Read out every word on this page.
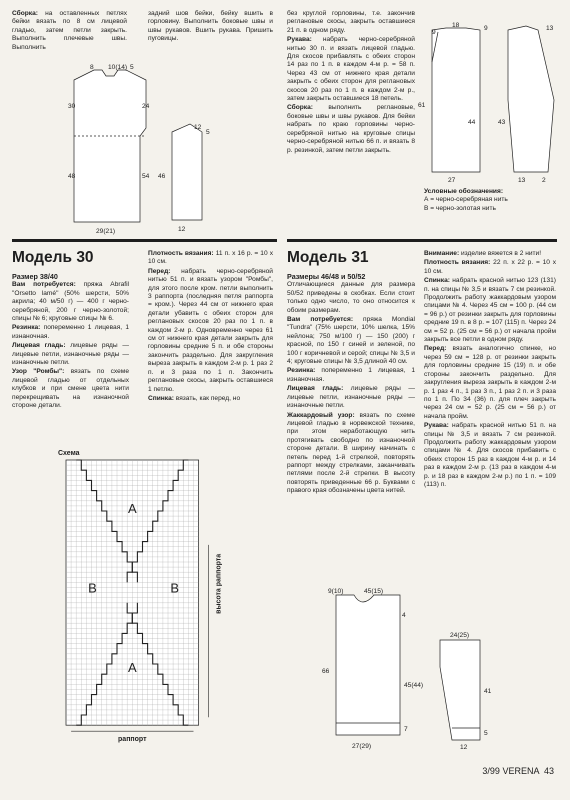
Сборка: на оставленных петлях бейки вязать по 8 см лицевой гладью, затем петли закрыть. Выполнить плечевые швы. Выполнить

8 10(14) 5
30	24
48	54
29(21)

задний шов бейки, бейку вшить в горловину. Выполнить боковые швы и швы рукавов. Вшить рукава. Пришить пуговицы.

46
12
12
5

без круглой горловины, т.е. закончив реглановые скосы, закрыть оставшиеся 21 п. в одном ряду.

Рукава: набрать черно-серебряной нитью 30 п. и вязать лицевой гладью. Для скосов прибавлять с обеих сторон 14 раз по 1 п. в каждом 4-м р. = 58 п. Через 43 см от нижнего края детали закрыть с обеих сторон для реглановых скосов 20 раз по 1 п. в каждом 2-м р., затем закрыть оставшиеся 18 петель.

Сборка: выполнить реглановые, боковые швы и швы рукавов. Для бейки набрать по краю горловины черно-серебряной нитью на круговые спицы черно-серебряной нитью 66 п. и вязать 8 р. резинкой, затем петли закрыть.

9
18	9
61
44	43
27	13	2
13
Условные обозначения:
А = черно-серебряная нить
В = черно-золотая нить
Модель 30
Размер 38/40

Вам потребуется: пряжа Abrafil "Orsetto lamé" (50% шерсти, 50% акрила; 40 м/50 г) — 400 г черно-серебряной, 200 г черно-золотой; спицы № 6; круговые спицы № 6.

Резинка: попеременно 1 лицевая, 1 изнаночная.

Лицевая гладь: лицевые ряды — лицевые петли, изнаночные ряды — изнаночные петли.

Узор "Ромбы": вязать по схеме лицевой гладью от отдельных клубков и при смене цвета нити перекрещивать на изнаночной стороне детали.

Плотность вязания: 11 п. х 16 р. = 10 х 10 см.

Перед: набрать черно-серебряной нитью 51 п. и вязать узором "Ромбы", для этого после кром. петли выполнить 3 раппорта (последняя петля раппорта = кром.). Через 44 см от нижнего края детали убавить с обеих сторон для реглановых скосов 20 раз по 1 п. в каждом 2-м р. Одновременно через 61 см от нижнего края детали закрыть для горловины средние 5 п. и обе стороны закончить раздельно. Для закругления выреза закрыть в каждом 2-м р. 1 раз 2 п. и 3 раза по 1 п. Закончить реглановые скосы, закрыть оставшиеся 1 петлю.

Спинка: вязать, как перед, но

Схема
A
B	B
A
высота раппорта
раппорт
Модель 31
Размеры 46/48 и 50/52

Отличающиеся данные для размера 50/52 приведены в скобках. Если стоит только одно число, то оно относится к обоим размерам.

Вам потребуется: пряжа Mondial "Tundra" (75% шерсти, 10% шелка, 15% нейлона; 750 м/100 г) — 150 (200) г красной, по 150 г синей и зеленой, по 100 г коричневой и серой; спицы № 3,5 и 4; круговые спицы № 3,5 длиной 40 см.

Резинка: попеременно 1 лицевая, 1 изнаночная.

Лицевая гладь: лицевые ряды — лицевые петли, изнаночные ряды — изнаночные петли.

Жаккардовый узор: вязать по схеме лицевой гладью в норвежской технике, при этом неработающую нить протягивать свободно по изнаночной стороне детали. В ширину начинать с петель перед 1-й стрелкой, повторять раппорт между стрелками, заканчивать петлями после 2-й стрелки. В высоту повторять приведенные 66 р. Буквами с правого края обозначены цвета нитей.

Внимание: изделие вяжется в 2 нити!

Плотность вязания: 22 п. х 22 р. = 10 х 10 см.

Спинка: набрать красной нитью 123 (131) п. на спицы № 3,5 и вязать 7 см резинкой. Продолжить работу жаккардовым узором спицами № 4. Через 45 см = 100 р. (44 см = 96 р.) от резинки закрыть для горловины средние 19 п. в 8 р. = 107 (115) п. Через 24 см = 52 р. (25 см = 56 р.) от начала пройм закрыть все петли в одном ряду.

Перед: вязать аналогично спинке, но через 59 см = 128 р. от резинки закрыть для горловины средние 15 (19) п. и обе стороны закончить раздельно. Для закругления выреза закрыть в каждом 2-м р. 1 раз 4 п., 1 раз 3 п., 1 раз 2 п. и 3 раза по 1 п. По 34 (36) п. для плеч закрыть через 24 см = 52 р. (25 см = 56 р.) от начала пройм.

Рукава: набрать красной нитью 51 п. на спицы № 3,5 и вязать 7 см резинкой. Продолжить работу жаккардовым узором спицами № 4. Для скосов прибавить с обеих сторон 15 раз в каждом 4-м р. и 14 раз в каждом 2-м р. (13 раз в каждом 4-м р. и 18 раз в каждом 2-м р.) по 1 п. = 109 (113) п.

9(10)	45(15)
4
66
45(44)
7
27(29)
24(25)
41
5
12
3/99 VERENA 43
